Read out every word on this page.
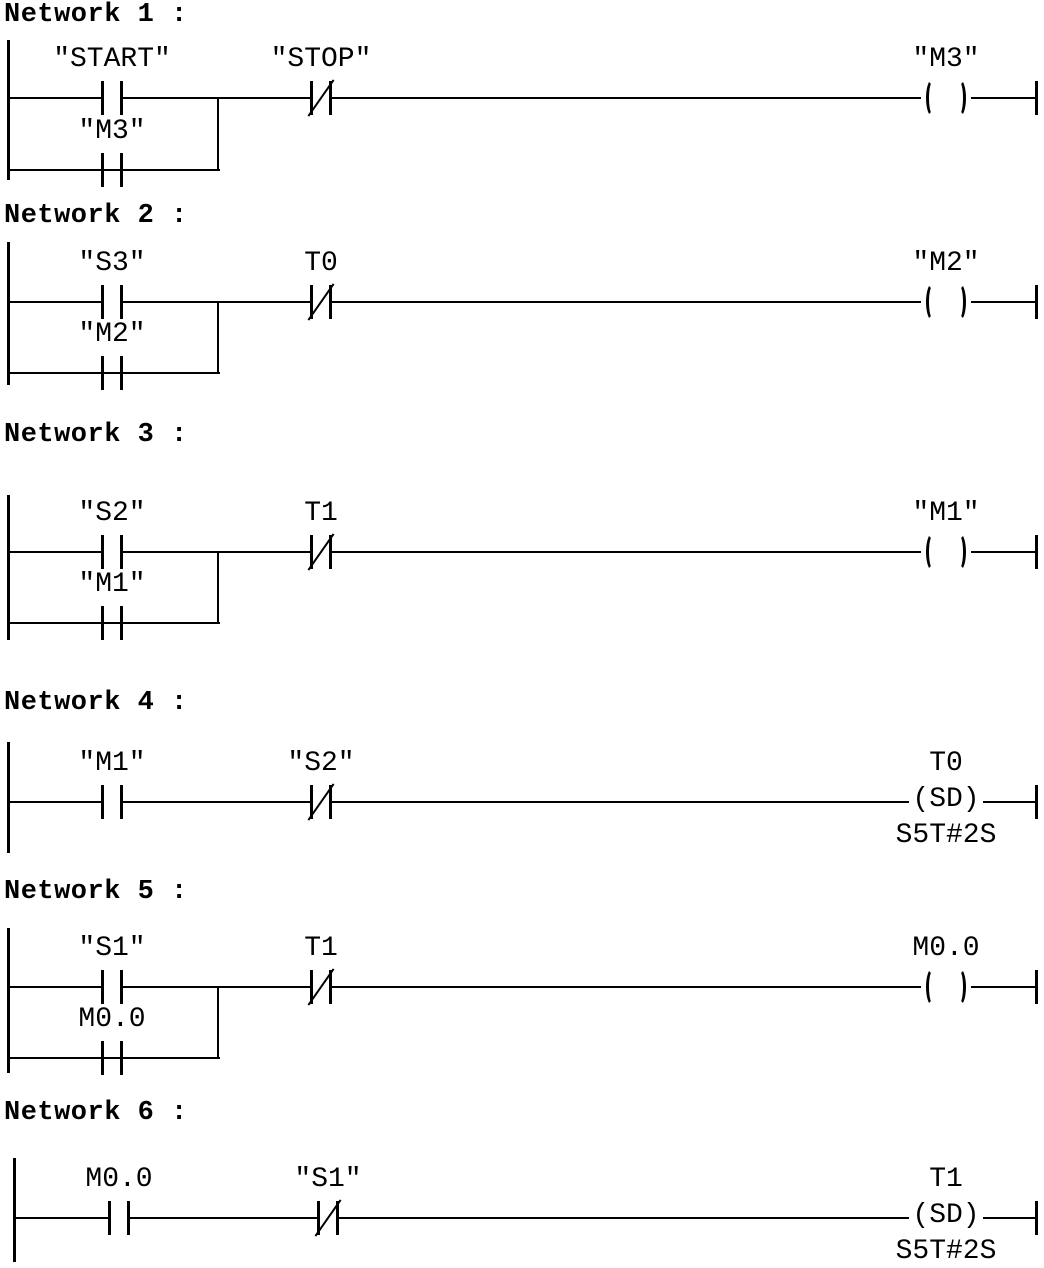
Network 1 :
"START"	"STOP"
"M3"
"M3"
Network 2 :
"S3"	T0
"M2"
"M2"
Network 3 :
"S2"	T1
"M1"
"M1"
Network 4 :
"M1"	"S2"	T0
(SD)
S5T#2S
Network 5 :
"S1"	T1
M0.0
M0.0
Network 6 :
M0.0	"S1"	T1
(SD)
S5T#2S
